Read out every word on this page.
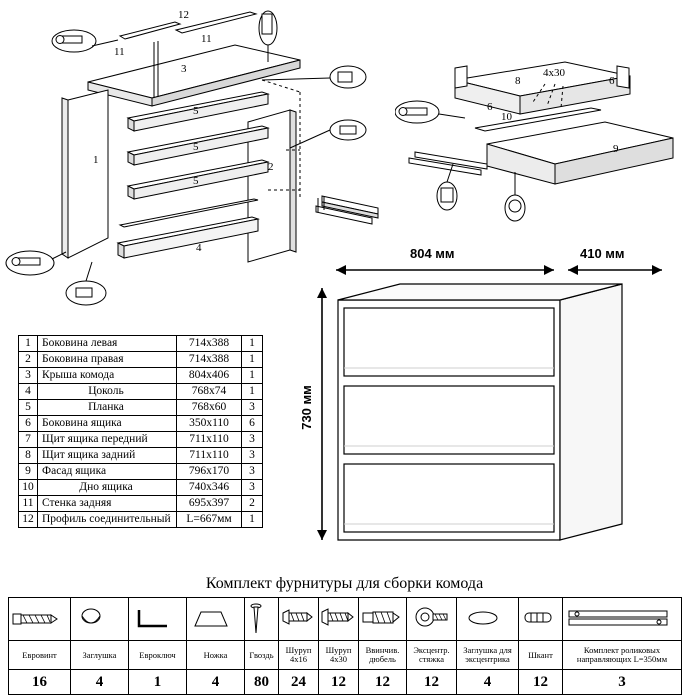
12
11
11
3
5
5
5
1
2
4
8
4х30
6
6
10
9
804 мм	410 мм
730 мм
1	Боковина левая	714x388	1
2	Боковина правая	714x388	1
3	Крыша комода	804x406	1
4	Цоколь	768х74	1
5	Планка	768х60	3
6	Боковина ящика	350х110	6
7	Щит ящика передний	711х110	3
8	Щит ящика задний	711х110	3
9	Фасад ящика	796х170	3
10	Дно ящика	740х346	3
11	Стенка задняя	695х397	2
12	Профиль соединительный	L=667мм	1
Комплект фурнитуры для сборки комода

Евровинт	Заглушка	Евроключ	Ножка	Гвоздь	Шуруп 4х16	Шуруп 4х30	Ввинчив. дюбель	Эксцентр. стяжка	Заглушка для эксцентрика	Шкант	Комплект роликовых направляющих L=350мм
16	4	1	4	80	24	12	12	12	4	12	3
